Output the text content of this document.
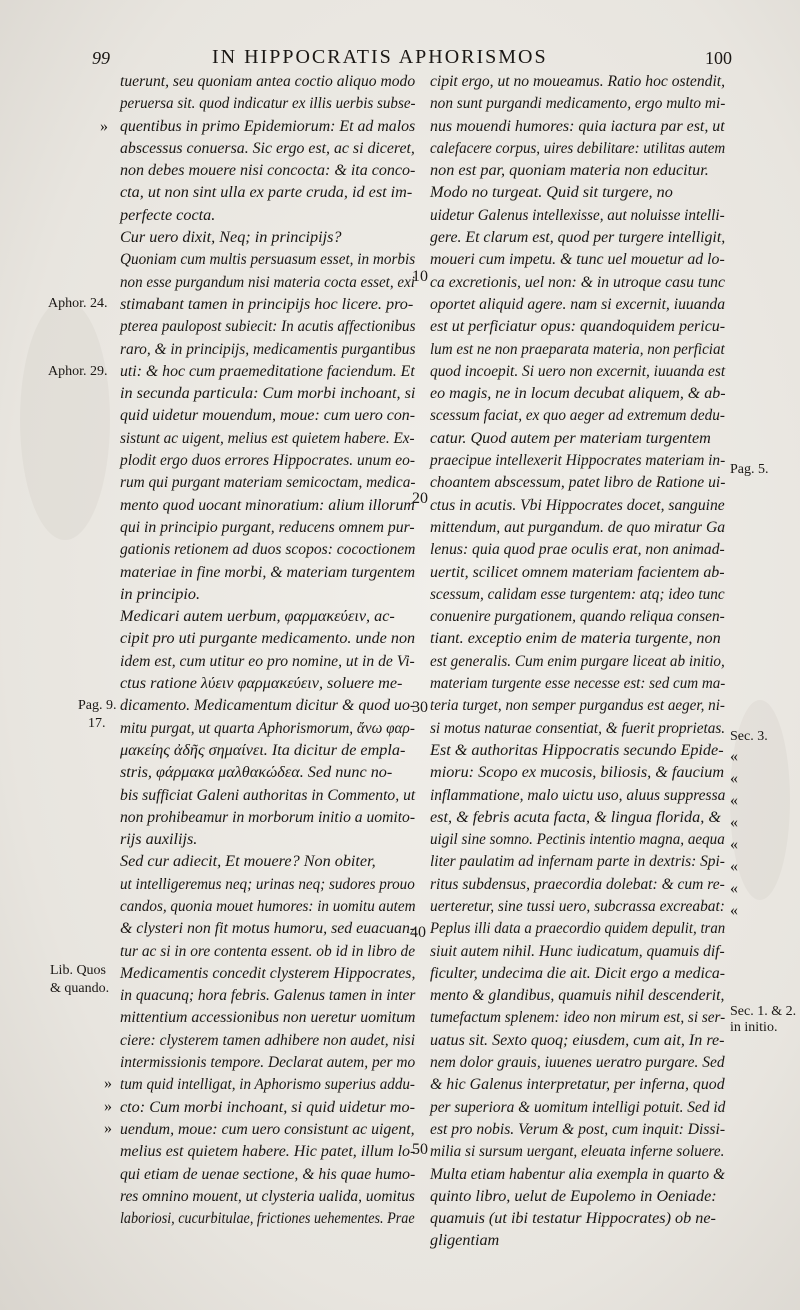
99	IN HIPPOCRATIS APHORISMOS	100
tuerunt, seu quoniam antea coctio aliquo modo
peruersa sit. quod indicatur ex illis uerbis subse-
quentibus in primo Epidemiorum: Et ad malos
abscessus conuersa. Sic ergo est, ac si diceret,
non debes mouere nisi concocta: & ita conco-
cta, ut non sint ulla ex parte cruda, id est im-
perfecte cocta.
Cur uero dixit, Neq; in principijs?
Quoniam cum multis persuasum esset, in morbis
non esse purgandum nisi materia cocta esset, exi
stimabant tamen in principijs hoc licere. pro-
pterea paulopost subiecit: In acutis affectionibus
raro, & in principijs, medicamentis purgantibus
uti: & hoc cum praemeditatione faciendum. Et
in secunda particula: Cum morbi inchoant, si
quid uidetur mouendum, moue: cum uero con-
sistunt ac uigent, melius est quietem habere. Ex-
plodit ergo duos errores Hippocrates. unum eo-
rum qui purgant materiam semicoctam, medica-
mento quod uocant minoratium: alium illorum
qui in principio purgant, reducens omnem pur-
gationis retionem ad duos scopos: cococtionem
materiae in fine morbi, & materiam turgentem
in principio.
Medicari autem uerbum, φαρμακεύειν, ac-
cipit pro uti purgante medicamento. unde non
idem est, cum utitur eo pro nomine, ut in de Vi-
ctus ratione λύειν φαρμακεύειν, soluere me-
dicamento. Medicamentum dicitur & quod uo-
mitu purgat, ut quarta Aphorismorum, ἄνω φαρ-
μακείης ἀδῆς σημαίνει. Ita dicitur de empla-
stris, φάρμακα μαλθακώδεα. Sed nunc no-
bis sufficiat Galeni authoritas in Commento, ut
non prohibeamur in morborum initio a uomito-
rijs auxilijs.
Sed cur adiecit, Et mouere? Non obiter,
ut intelligeremus neq; urinas neq; sudores prouo
candos, quonia mouet humores: in uomitu autem
& clysteri non fit motus humoru, sed euacuan-
tur ac si in ore contenta essent. ob id in libro de
Medicamentis concedit clysterem Hippocrates,
in quacunq; hora febris. Galenus tamen in inter
mittentium accessionibus non ueretur uomitum
ciere: clysterem tamen adhibere non audet, nisi
intermissionis tempore. Declarat autem, per mo
tum quid intelligat, in Aphorismo superius addu-
cto: Cum morbi inchoant, si quid uidetur mo-
uendum, moue: cum uero consistunt ac uigent,
melius est quietem habere. Hic patet, illum lo-
qui etiam de uenae sectione, & his quae humo-
res omnino mouent, ut clysteria ualida, uomitus
laboriosi, cucurbitulae, frictiones uehementes. Prae
cipit ergo, ut no moueamus. Ratio hoc ostendit,
non sunt purgandi medicamento, ergo multo mi-
nus mouendi humores: quia iactura par est, ut
calefacere corpus, uires debilitare: utilitas autem
non est par, quoniam materia non educitur.
Modo no turgeat. Quid sit turgere, no
uidetur Galenus intellexisse, aut noluisse intelli-
gere. Et clarum est, quod per turgere intelligit,
moueri cum impetu. & tunc uel mouetur ad lo-
ca excretionis, uel non: & in utroque casu tunc
oportet aliquid agere. nam si excernit, iuuanda
est ut perficiatur opus: quandoquidem pericu-
lum est ne non praeparata materia, non perficiat
quod incoepit. Si uero non excernit, iuuanda est
eo magis, ne in locum decubat aliquem, & ab-
scessum faciat, ex quo aeger ad extremum dedu-
catur. Quod autem per materiam turgentem
praecipue intellexerit Hippocrates materiam in-
choantem abscessum, patet libro de Ratione ui-
ctus in acutis. Vbi Hippocrates docet, sanguine
mittendum, aut purgandum. de quo miratur Ga
lenus: quia quod prae oculis erat, non animad-
uertit, scilicet omnem materiam facientem ab-
scessum, calidam esse turgentem: atq; ideo tunc
conuenire purgationem, quando reliqua consen-
tiant. exceptio enim de materia turgente, non
est generalis. Cum enim purgare liceat ab initio,
materiam turgente esse necesse est: sed cum ma-
teria turget, non semper purgandus est aeger, ni-
si motus naturae consentiat, & fuerit proprietas.
Est & authoritas Hippocratis secundo Epide-
mioru: Scopo ex mucosis, biliosis, & faucium
inflammatione, malo uictu uso, aluus suppressa
est, & febris acuta facta, & lingua florida, &
uigil sine somno. Pectinis intentio magna, aequa
liter paulatim ad infernam parte in dextris: Spi-
ritus subdensus, praecordia dolebat: & cum re-
uerteretur, sine tussi uero, subcrassa excreabat:
Peplus illi data a praecordio quidem depulit, tran
siuit autem nihil. Hunc iudicatum, quamuis dif-
ficulter, undecima die ait. Dicit ergo a medica-
mento & glandibus, quamuis nihil descenderit,
tumefactum splenem: ideo non mirum est, si ser-
uatus sit. Sexto quoq; eiusdem, cum ait, In re-
nem dolor grauis, iuuenes ueratro purgare. Sed
& hic Galenus interpretatur, per inferna, quod
per superiora & uomitum intelligi potuit. Sed id
est pro nobis. Verum & post, cum inquit: Dissi-
milia si sursum uergant, eleuata inferne soluere.
Multa etiam habentur alia exempla in quarto &
quinto libro, uelut de Eupolemo in Oeniade:
quamuis (ut ibi testatur Hippocrates) ob ne-
gligentiam
Aphor. 24.
Aphor. 29.
Pag. 9.
17.
Lib. Quos
& quando.
Pag. 5.
Sec. 3.
Sec. 1. & 2.
in initio.
10
20
30
40
50
»
»
»
»
«
«
«
«
«
«
«
«
